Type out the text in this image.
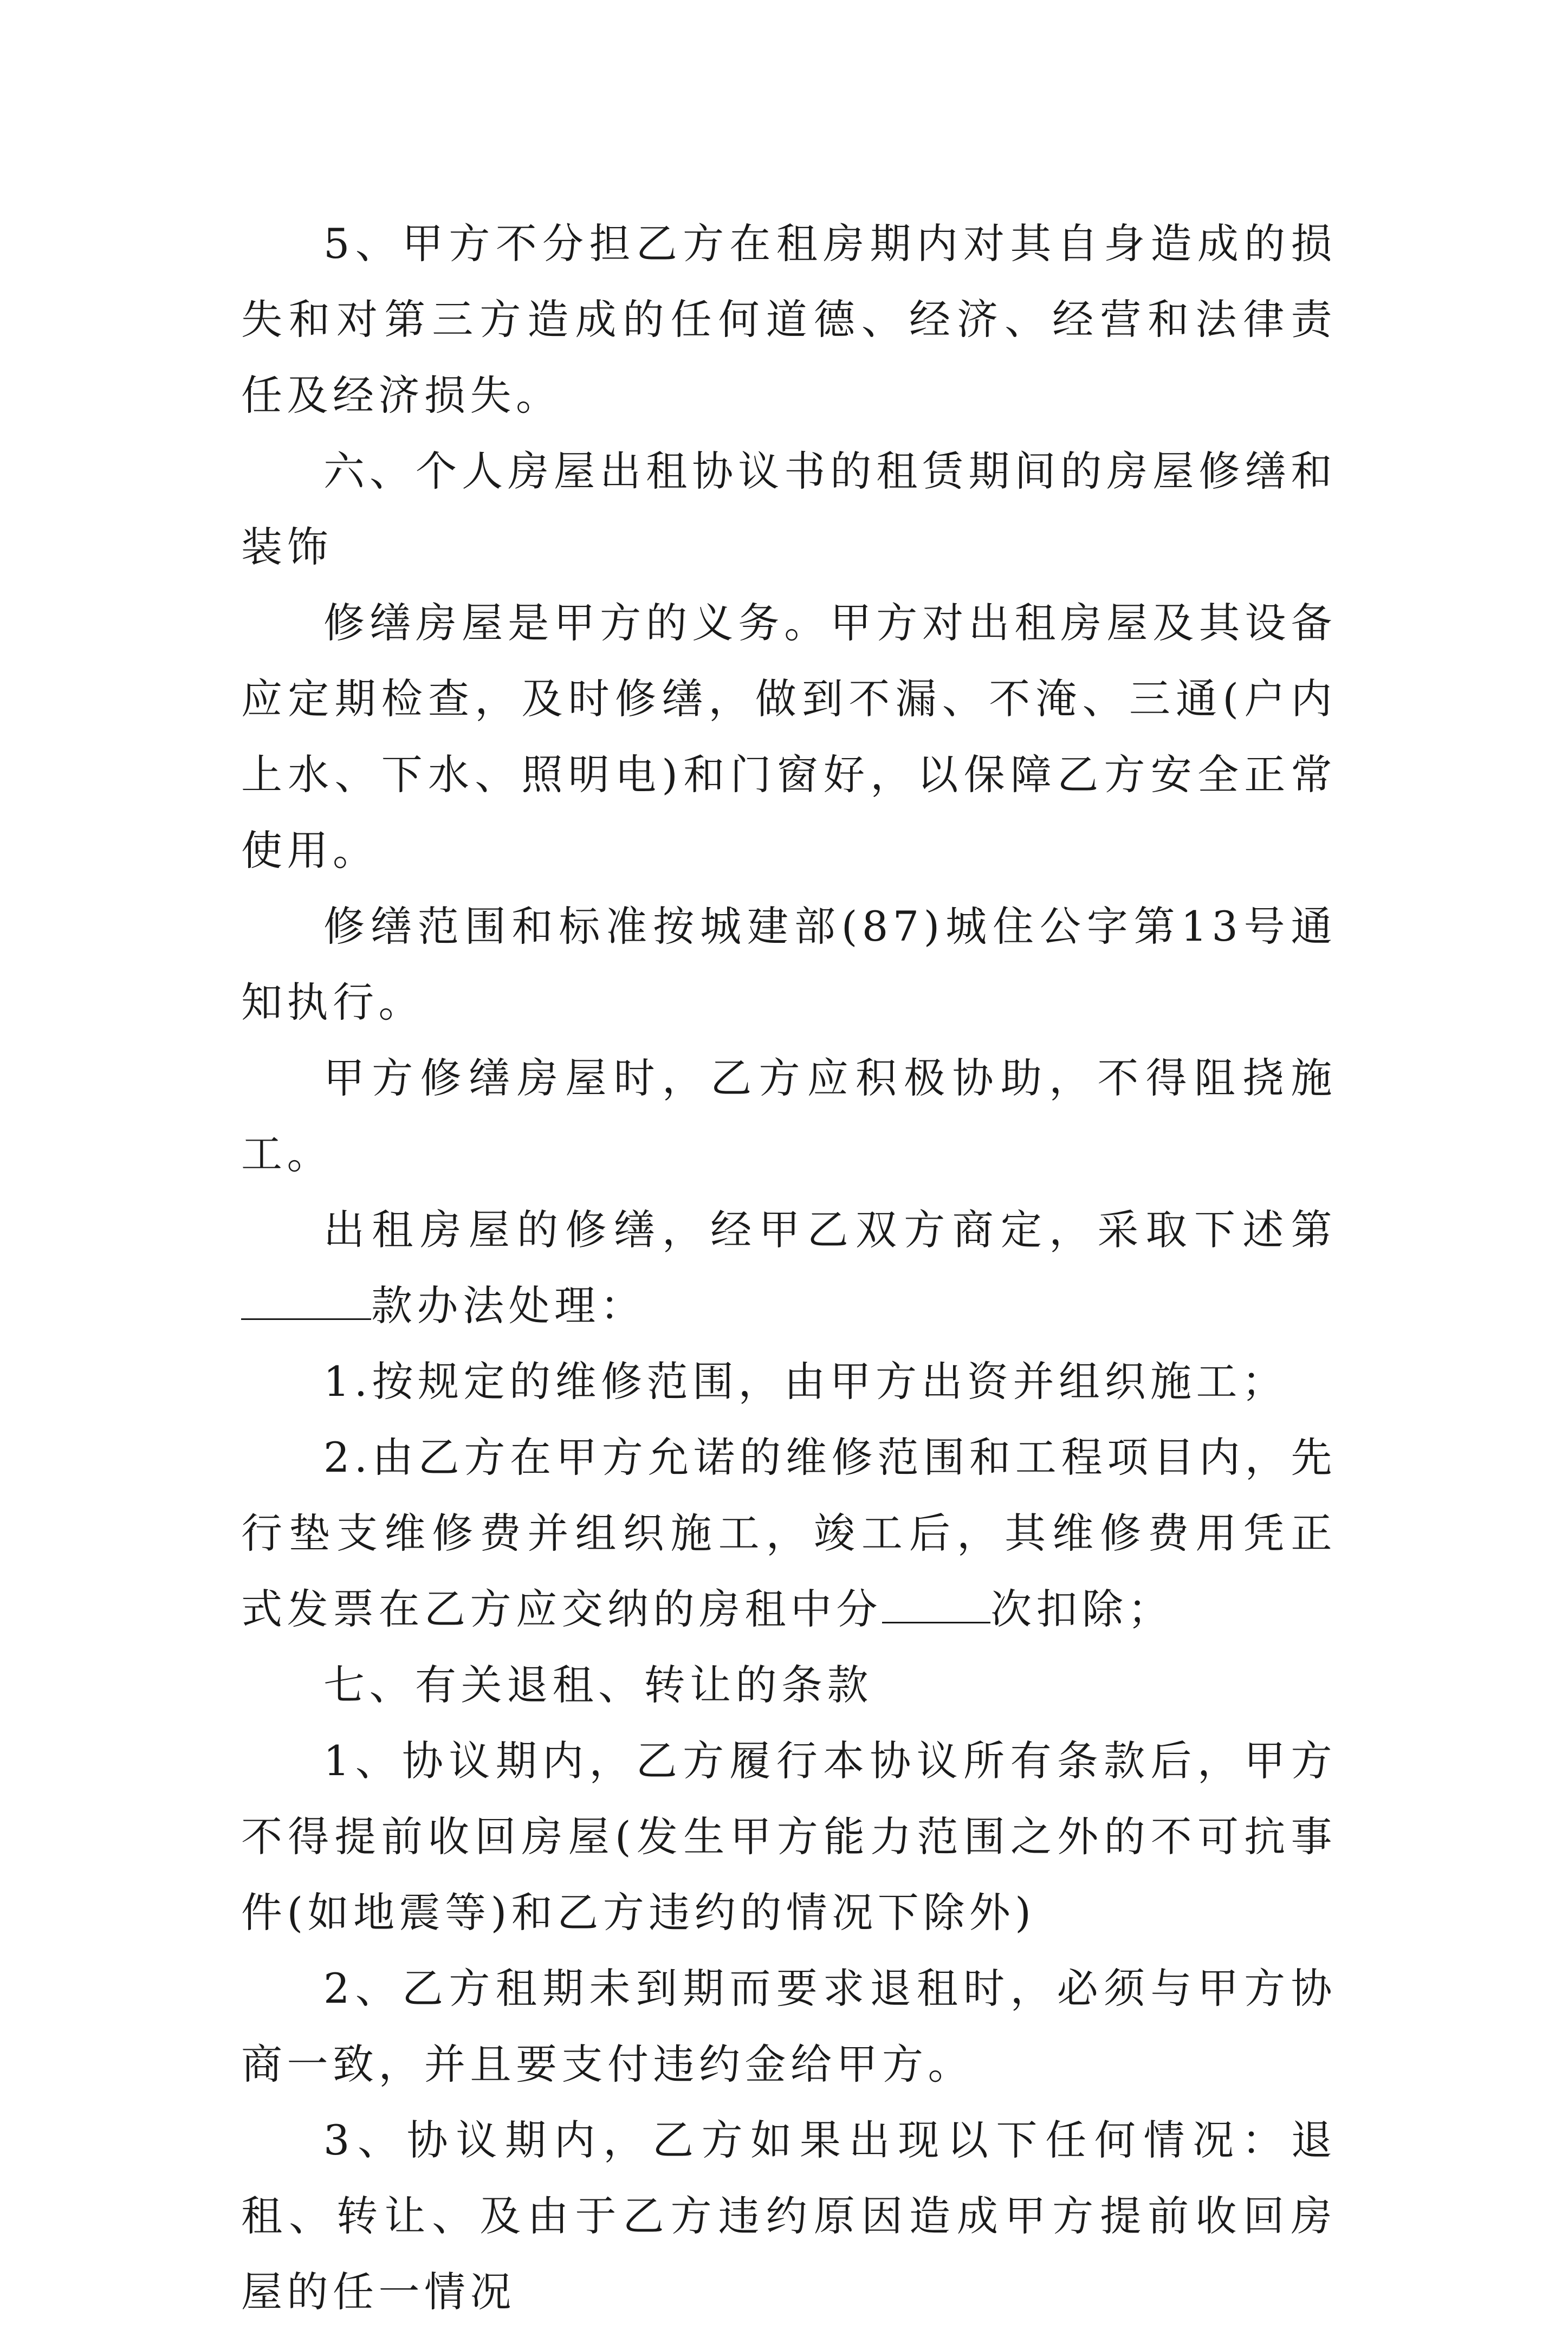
5、甲方不分担乙方在租房期内对其自身造成的损失和对第三方造成的任何道德、经济、经营和法律责任及经济损失。

六、个人房屋出租协议书的租赁期间的房屋修缮和装饰

修缮房屋是甲方的义务。甲方对出租房屋及其设备应定期检查，及时修缮，做到不漏、不淹、三通(户内上水、下水、照明电)和门窗好，以保障乙方安全正常使用。

修缮范围和标准按城建部(87)城住公字第13号通知执行。

甲方修缮房屋时，乙方应积极协助，不得阻挠施工。

出租房屋的修缮，经甲乙双方商定，采取下述第款办法处理：

1.按规定的维修范围，由甲方出资并组织施工；

2.由乙方在甲方允诺的维修范围和工程项目内，先行垫支维修费并组织施工，竣工后，其维修费用凭正式发票在乙方应交纳的房租中分	次扣除；

七、有关退租、转让的条款

1、协议期内，乙方履行本协议所有条款后，甲方不得提前收回房屋(发生甲方能力范围之外的不可抗事件(如地震等)和乙方违约的情况下除外)

2、乙方租期未到期而要求退租时，必须与甲方协商一致，并且要支付违约金给甲方。

3、协议期内，乙方如果出现以下任何情况：退租、转让、及由于乙方违约原因造成甲方提前收回房屋的任一情况
